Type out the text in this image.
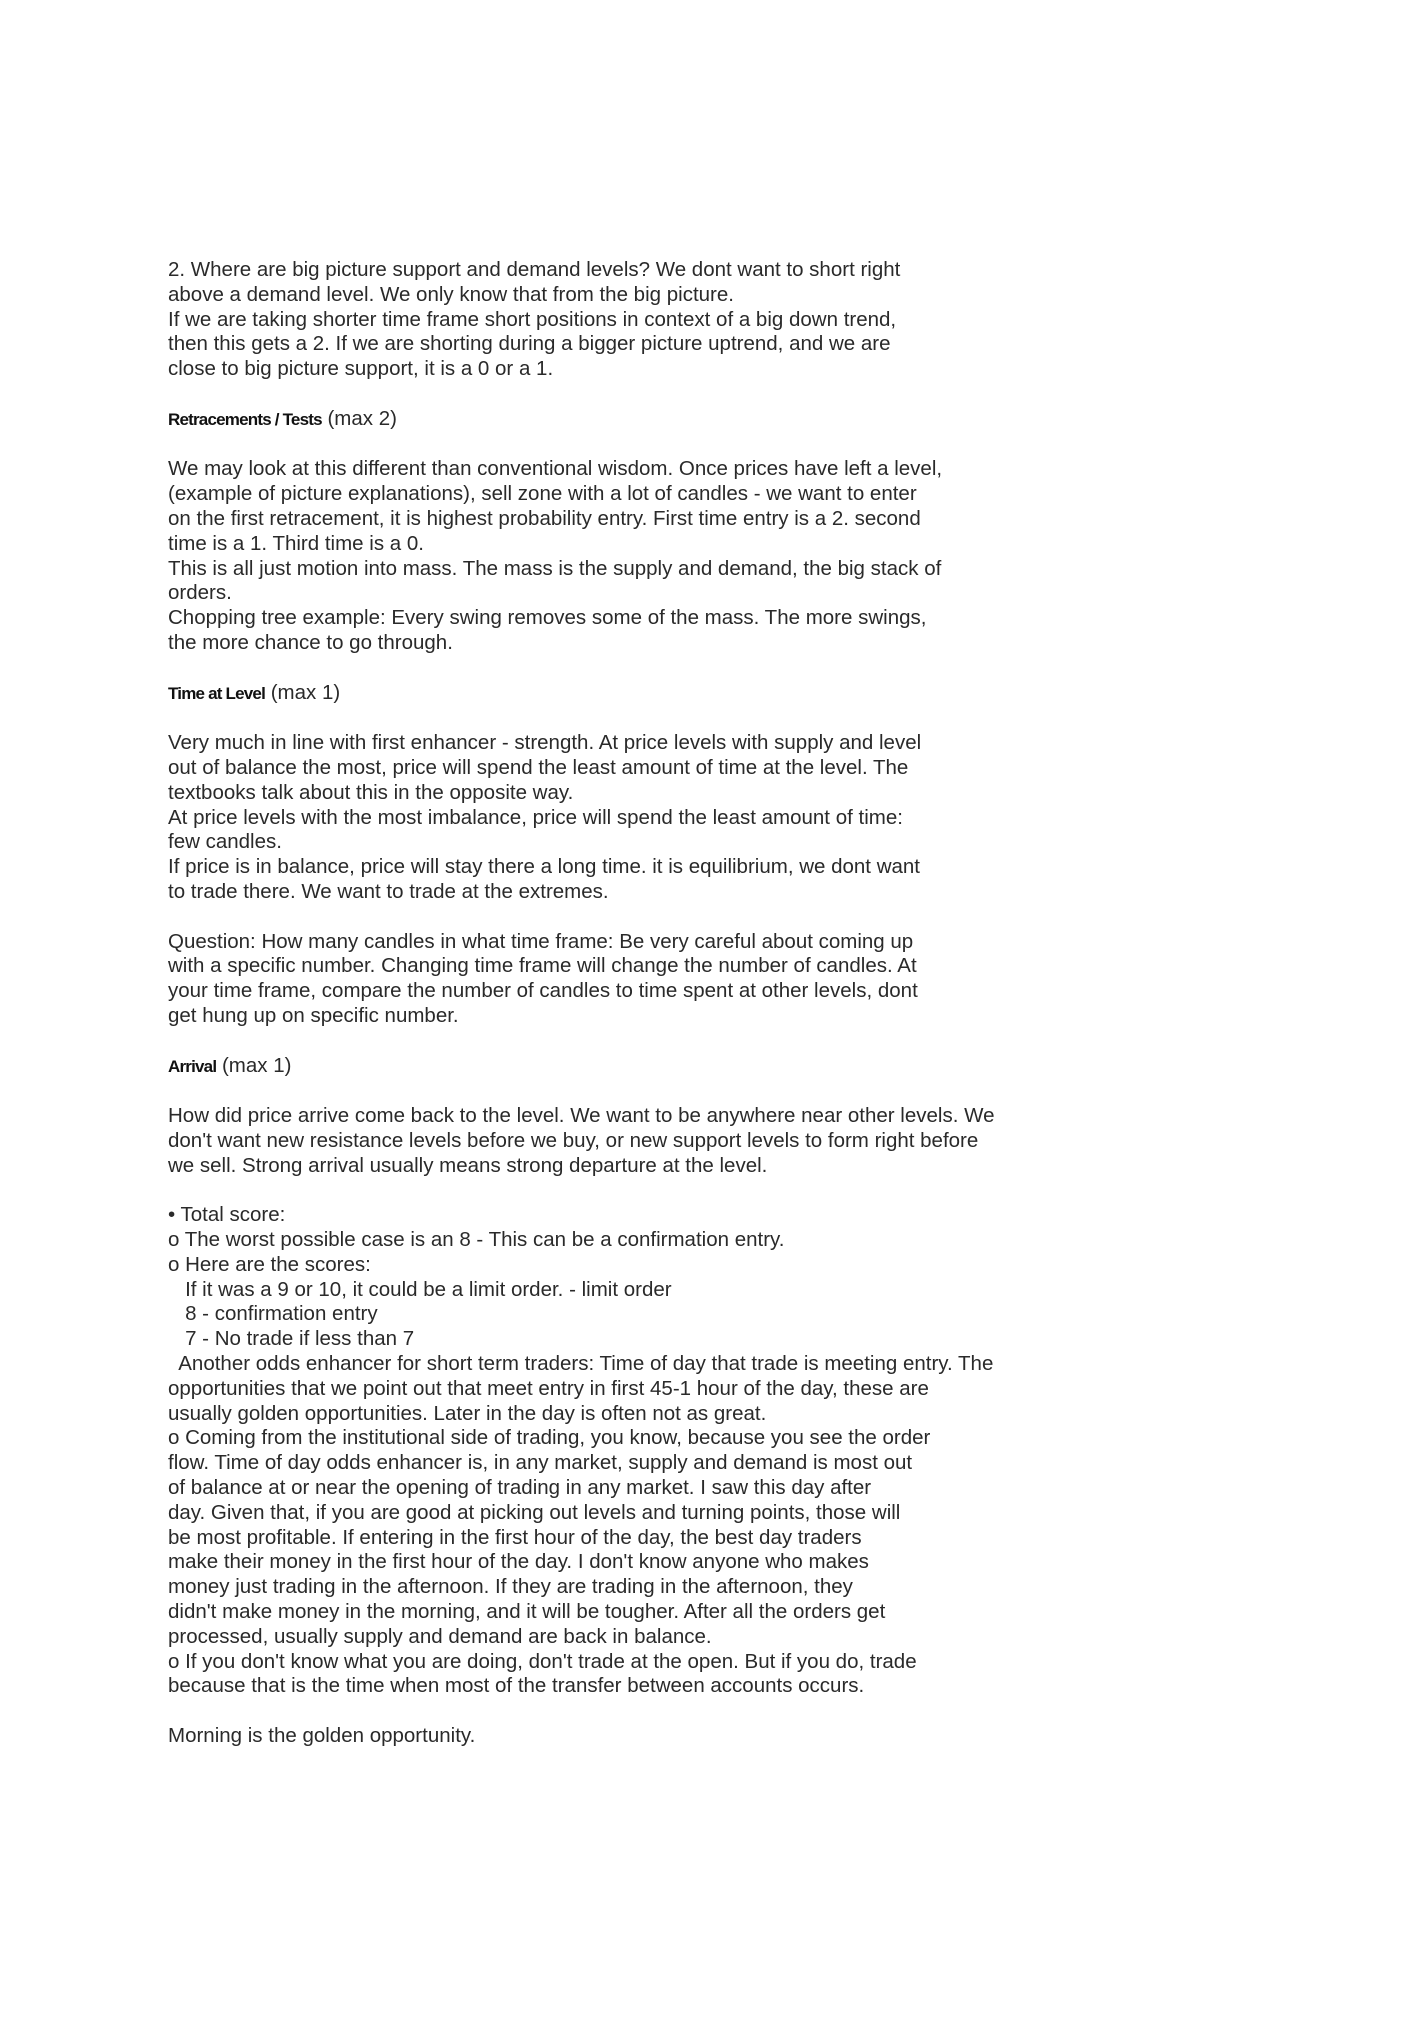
2. Where are big picture support and demand levels? We dont want to short right
above a demand level. We only know that from the big picture.
If we are taking shorter time frame short positions in context of a big down trend,
then this gets a 2. If we are shorting during a bigger picture uptrend, and we are
close to big picture support, it is a 0 or a 1.
Retracements / Tests (max 2)
We may look at this different than conventional wisdom. Once prices have left a level,
(example of picture explanations), sell zone with a lot of candles - we want to enter
on the first retracement, it is highest probability entry. First time entry is a 2. second
time is a 1. Third time is a 0.
This is all just motion into mass. The mass is the supply and demand, the big stack of
orders.
Chopping tree example: Every swing removes some of the mass. The more swings,
the more chance to go through.
Time at Level (max 1)
Very much in line with first enhancer - strength. At price levels with supply and level
out of balance the most, price will spend the least amount of time at the level. The
textbooks talk about this in the opposite way.
At price levels with the most imbalance, price will spend the least amount of time:
few candles.
If price is in balance, price will stay there a long time. it is equilibrium, we dont want
to trade there. We want to trade at the extremes.
Question: How many candles in what time frame: Be very careful about coming up
with a specific number. Changing time frame will change the number of candles. At
your time frame, compare the number of candles to time spent at other levels, dont
get hung up on specific number.
Arrival (max 1)
How did price arrive come back to the level. We want to be anywhere near other levels. We
don't want new resistance levels before we buy, or new support levels to form right before
we sell. Strong arrival usually means strong departure at the level.
• Total score:
o The worst possible case is an 8 - This can be a confirmation entry.
o Here are the scores:
If it was a 9 or 10, it could be a limit order. - limit order
8 - confirmation entry
7 - No trade if less than 7
Another odds enhancer for short term traders: Time of day that trade is meeting entry. The
opportunities that we point out that meet entry in first 45-1 hour of the day, these are
usually golden opportunities. Later in the day is often not as great.
o Coming from the institutional side of trading, you know, because you see the order
flow. Time of day odds enhancer is, in any market, supply and demand is most out
of balance at or near the opening of trading in any market. I saw this day after
day. Given that, if you are good at picking out levels and turning points, those will
be most profitable. If entering in the first hour of the day, the best day traders
make their money in the first hour of the day. I don't know anyone who makes
money just trading in the afternoon. If they are trading in the afternoon, they
didn't make money in the morning, and it will be tougher. After all the orders get
processed, usually supply and demand are back in balance.
o If you don't know what you are doing, don't trade at the open. But if you do, trade
because that is the time when most of the transfer between accounts occurs.
Morning is the golden opportunity.
